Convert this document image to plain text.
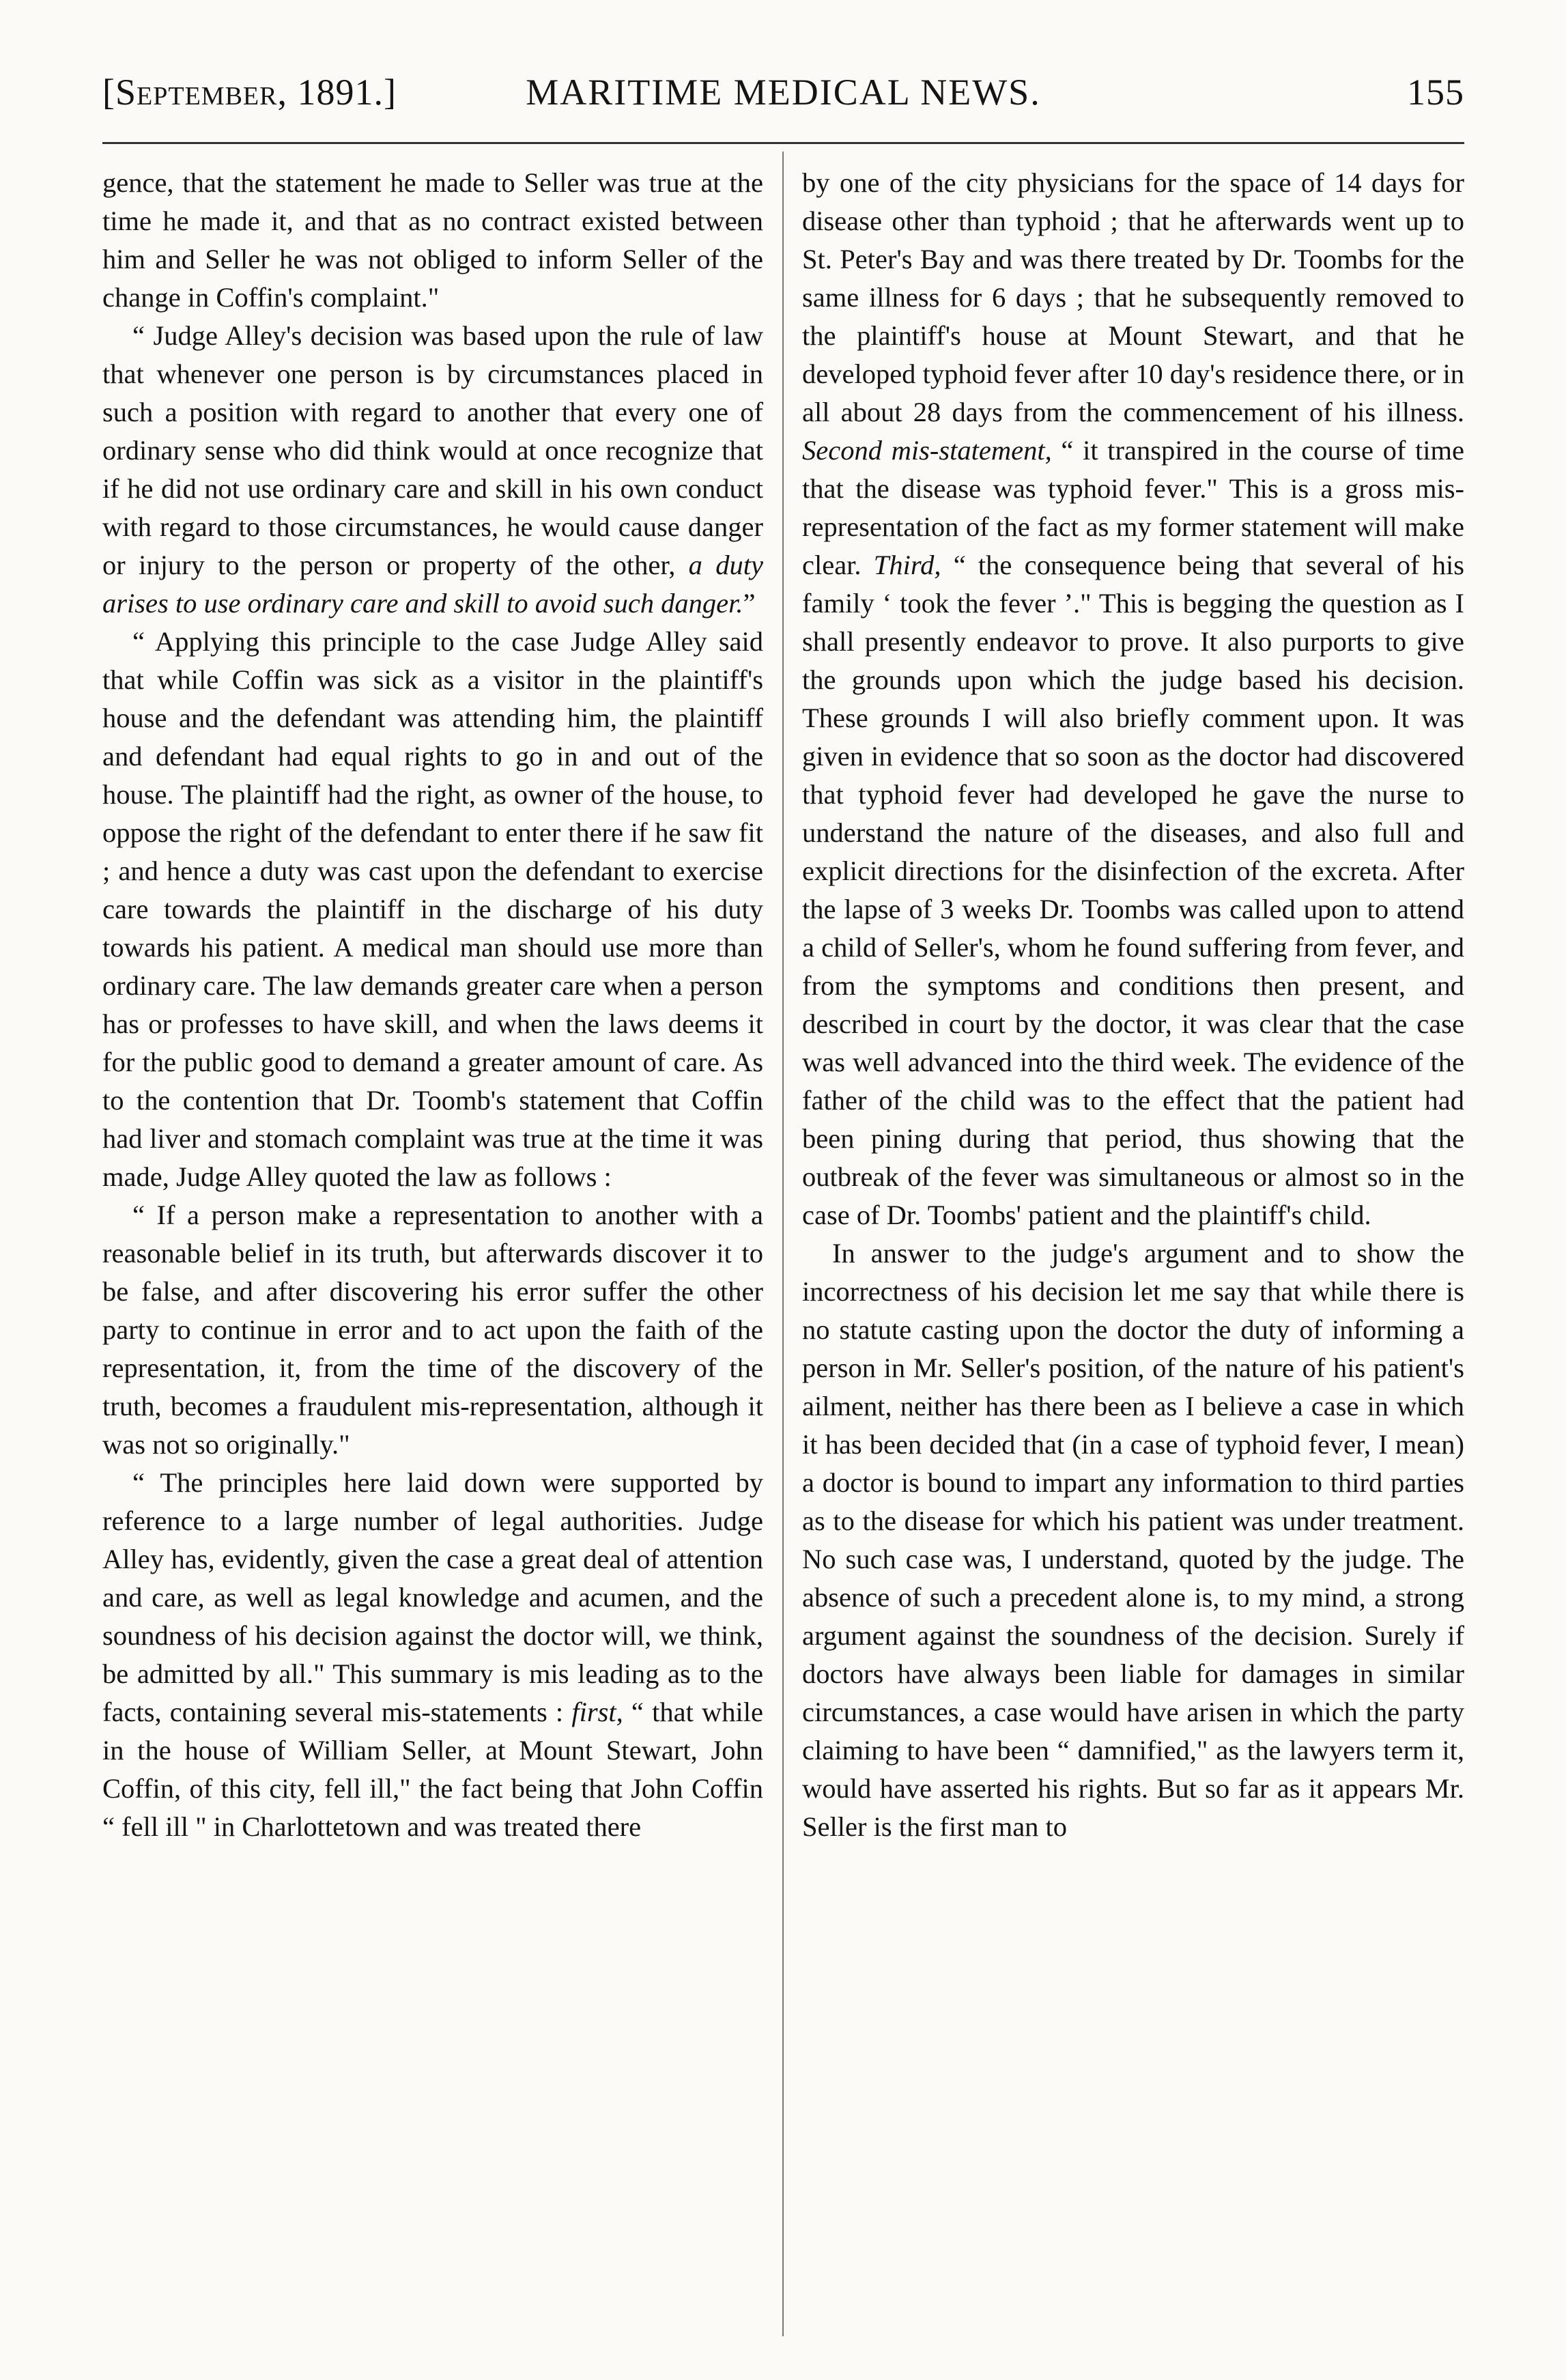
[September, 1891.]	MARITIME MEDICAL NEWS.	155

gence, that the statement he made to Seller was true at the time he made it, and that as no contract existed between him and Seller he was not obliged to inform Seller of the change in Coffin's complaint."

“ Judge Alley's decision was based upon the rule of law that whenever one person is by circumstances placed in such a position with regard to another that every one of ordinary sense who did think would at once recognize that if he did not use ordinary care and skill in his own conduct with regard to those circumstances, he would cause danger or injury to the person or property of the other, a duty arises to use ordinary care and skill to avoid such danger.”

“ Applying this principle to the case Judge Alley said that while Coffin was sick as a visitor in the plaintiff's house and the defendant was attending him, the plaintiff and defendant had equal rights to go in and out of the house. The plaintiff had the right, as owner of the house, to oppose the right of the defendant to enter there if he saw fit ; and hence a duty was cast upon the defendant to exercise care towards the plaintiff in the discharge of his duty towards his patient. A medical man should use more than ordinary care. The law demands greater care when a person has or professes to have skill, and when the laws deems it for the public good to demand a greater amount of care. As to the contention that Dr. Toomb's statement that Coffin had liver and stomach complaint was true at the time it was made, Judge Alley quoted the law as follows :

“ If a person make a representation to another with a reasonable belief in its truth, but afterwards discover it to be false, and after discovering his error suffer the other party to continue in error and to act upon the faith of the representation, it, from the time of the discovery of the truth, becomes a fraudulent mis-representation, although it was not so originally."

“ The principles here laid down were supported by reference to a large number of legal authorities. Judge Alley has, evidently, given the case a great deal of attention and care, as well as legal knowledge and acumen, and the soundness of his decision against the doctor will, we think, be admitted by all." This summary is mis leading as to the facts, containing several mis-statements : first, “ that while in the house of William Seller, at Mount Stewart, John Coffin, of this city, fell ill," the fact being that John Coffin “ fell ill " in Charlottetown and was treated there

by one of the city physicians for the space of 14 days for disease other than typhoid ; that he afterwards went up to St. Peter's Bay and was there treated by Dr. Toombs for the same illness for 6 days ; that he subsequently removed to the plaintiff's house at Mount Stewart, and that he developed typhoid fever after 10 day's residence there, or in all about 28 days from the commencement of his illness. Second mis-statement, “ it transpired in the course of time that the disease was typhoid fever." This is a gross mis-representation of the fact as my former statement will make clear. Third, “ the consequence being that several of his family ‘ took the fever ’." This is begging the question as I shall presently endeavor to prove. It also purports to give the grounds upon which the judge based his decision. These grounds I will also briefly comment upon. It was given in evidence that so soon as the doctor had discovered that typhoid fever had developed he gave the nurse to understand the nature of the diseases, and also full and explicit directions for the disinfection of the excreta. After the lapse of 3 weeks Dr. Toombs was called upon to attend a child of Seller's, whom he found suffering from fever, and from the symptoms and conditions then present, and described in court by the doctor, it was clear that the case was well advanced into the third week. The evidence of the father of the child was to the effect that the patient had been pining during that period, thus showing that the outbreak of the fever was simultaneous or almost so in the case of Dr. Toombs' patient and the plaintiff's child.

In answer to the judge's argument and to show the incorrectness of his decision let me say that while there is no statute casting upon the doctor the duty of informing a person in Mr. Seller's position, of the nature of his patient's ailment, neither has there been as I believe a case in which it has been decided that (in a case of typhoid fever, I mean) a doctor is bound to impart any information to third parties as to the disease for which his patient was under treatment. No such case was, I understand, quoted by the judge. The absence of such a precedent alone is, to my mind, a strong argument against the soundness of the decision. Surely if doctors have always been liable for damages in similar circumstances, a case would have arisen in which the party claiming to have been “ damnified," as the lawyers term it, would have asserted his rights. But so far as it appears Mr. Seller is the first man to
